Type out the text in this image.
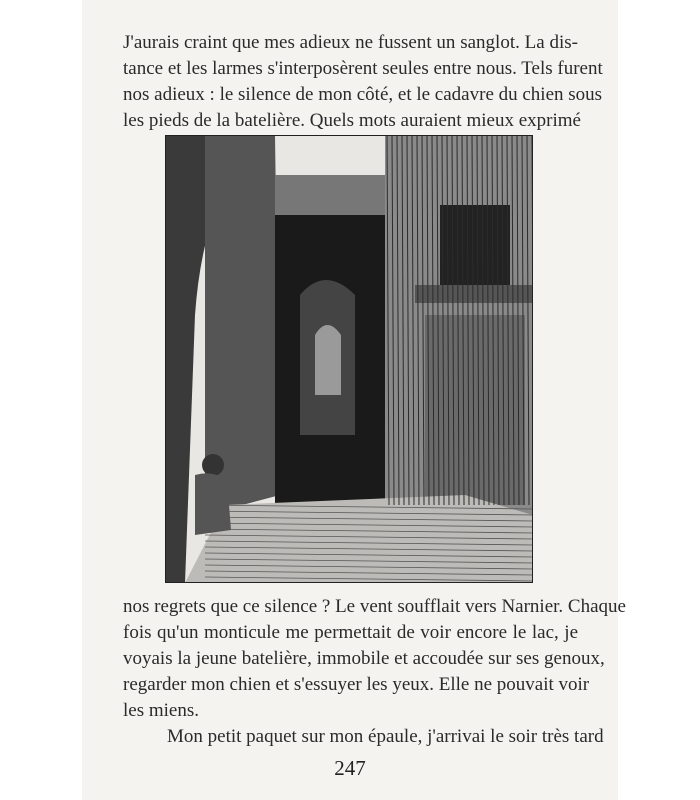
J'aurais craint que mes adieux ne fussent un sanglot. La dis-
tance et les larmes s'interposèrent seules entre nous. Tels furent
nos adieux : le silence de mon côté, et le cadavre du chien sous
les pieds de la batelière. Quels mots auraient mieux exprimé
nos regrets que ce silence ? Le vent soufflait vers Narnier. Chaque
fois qu'un monticule me permettait de voir encore le lac, je
voyais la jeune batelière, immobile et accoudée sur ses genoux,
regarder mon chien et s'essuyer les yeux. Elle ne pouvait voir
les miens.
Mon petit paquet sur mon épaule, j'arrivai le soir très tard
247
